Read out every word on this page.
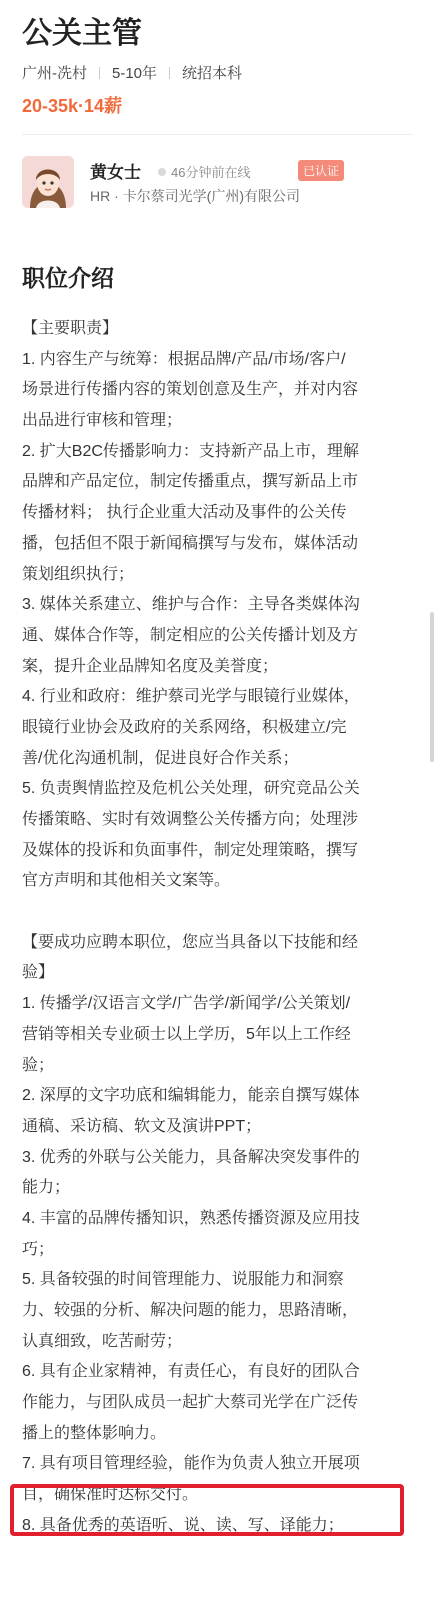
公关主管
广州-冼村 5-10年 统招本科
20-35k·14薪
黄女士 46分钟前在线	已认证
HR · 卡尔蔡司光学(广州)有限公司
职位介绍
【主要职责】
1. 内容生产与统筹：根据品牌/产品/市场/客户/
场景进行传播内容的策划创意及生产，并对内容
出品进行审核和管理；
2. 扩大B2C传播影响力：支持新产品上市，理解
品牌和产品定位，制定传播重点，撰写新品上市
传播材料； 执行企业重大活动及事件的公关传
播，包括但不限于新闻稿撰写与发布，媒体活动
策划组织执行；
3. 媒体关系建立、维护与合作：主导各类媒体沟
通、媒体合作等，制定相应的公关传播计划及方
案，提升企业品牌知名度及美誉度；
4. 行业和政府：维护蔡司光学与眼镜行业媒体，
眼镜行业协会及政府的关系网络，积极建立/完
善/优化沟通机制，促进良好合作关系；
5. 负责舆情监控及危机公关处理，研究竞品公关
传播策略、实时有效调整公关传播方向；处理涉
及媒体的投诉和负面事件，制定处理策略，撰写
官方声明和其他相关文案等。
【要成功应聘本职位，您应当具备以下技能和经
验】
1. 传播学/汉语言文学/广告学/新闻学/公关策划/
营销等相关专业硕士以上学历，5年以上工作经
验；
2. 深厚的文字功底和编辑能力，能亲自撰写媒体
通稿、采访稿、软文及演讲PPT；
3. 优秀的外联与公关能力，具备解决突发事件的
能力；
4. 丰富的品牌传播知识，熟悉传播资源及应用技
巧；
5. 具备较强的时间管理能力、说服能力和洞察
力、较强的分析、解决问题的能力，思路清晰，
认真细致，吃苦耐劳；
6. 具有企业家精神，有责任心，有良好的团队合
作能力，与团队成员一起扩大蔡司光学在广泛传
播上的整体影响力。
7. 具有项目管理经验，能作为负责人独立开展项
目，确保准时达标交付。
8. 具备优秀的英语听、说、读、写、译能力；
